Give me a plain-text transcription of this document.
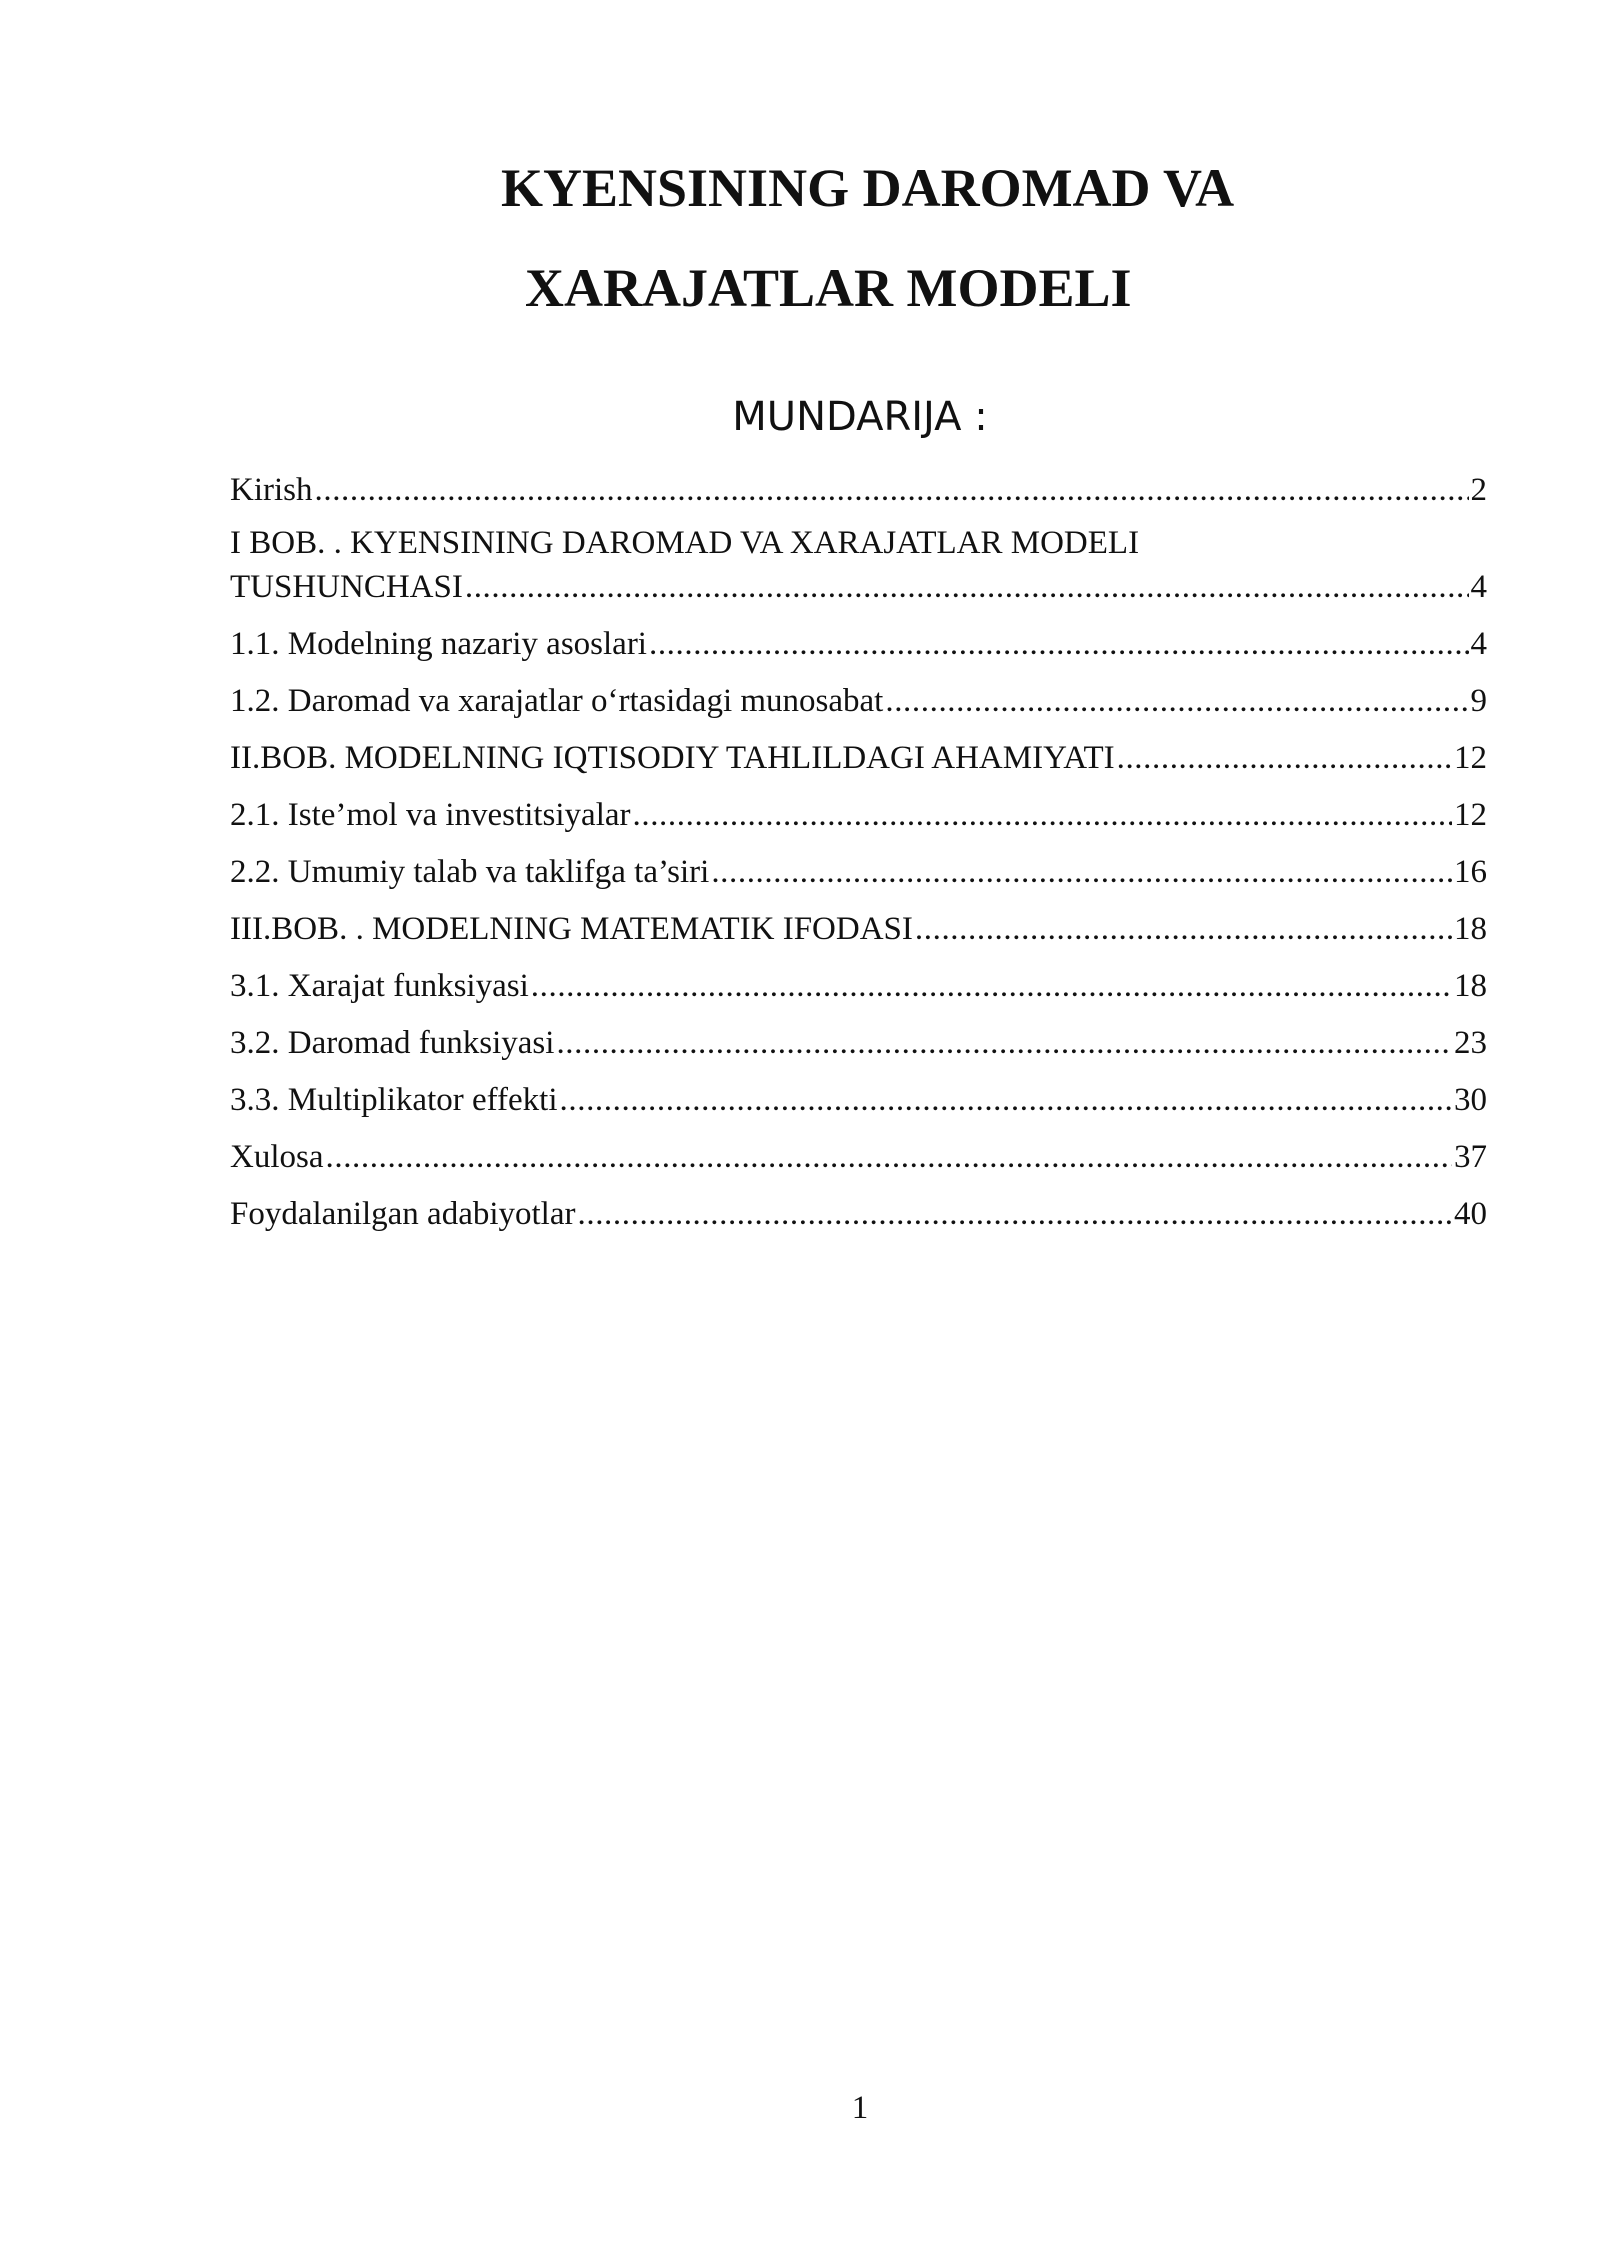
KYENSINING DAROMAD VA
XARAJATLAR MODELI
MUNDARIJA :
Kirish .....	2
I BOB. . KYENSINING DAROMAD VA XARAJATLAR MODELI
TUSHUNCHASI .....	4
1.1. Modelning nazariy asoslari .....	4
1.2. Daromad va xarajatlar o‘rtasidagi munosabat .....	9
II.BOB. MODELNING IQTISODIY TAHLILDAGI AHAMIYATI .....	12
2.1. Iste’mol va investitsiyalar .....	12
2.2. Umumiy talab va taklifga ta’siri .....	16
III.BOB. . MODELNING MATEMATIK IFODASI .....	18
3.1. Xarajat funksiyasi .....	18
3.2. Daromad funksiyasi .....	23
3.3. Multiplikator effekti .....	30
Xulosa .....	37
Foydalanilgan adabiyotlar .....	40
1
